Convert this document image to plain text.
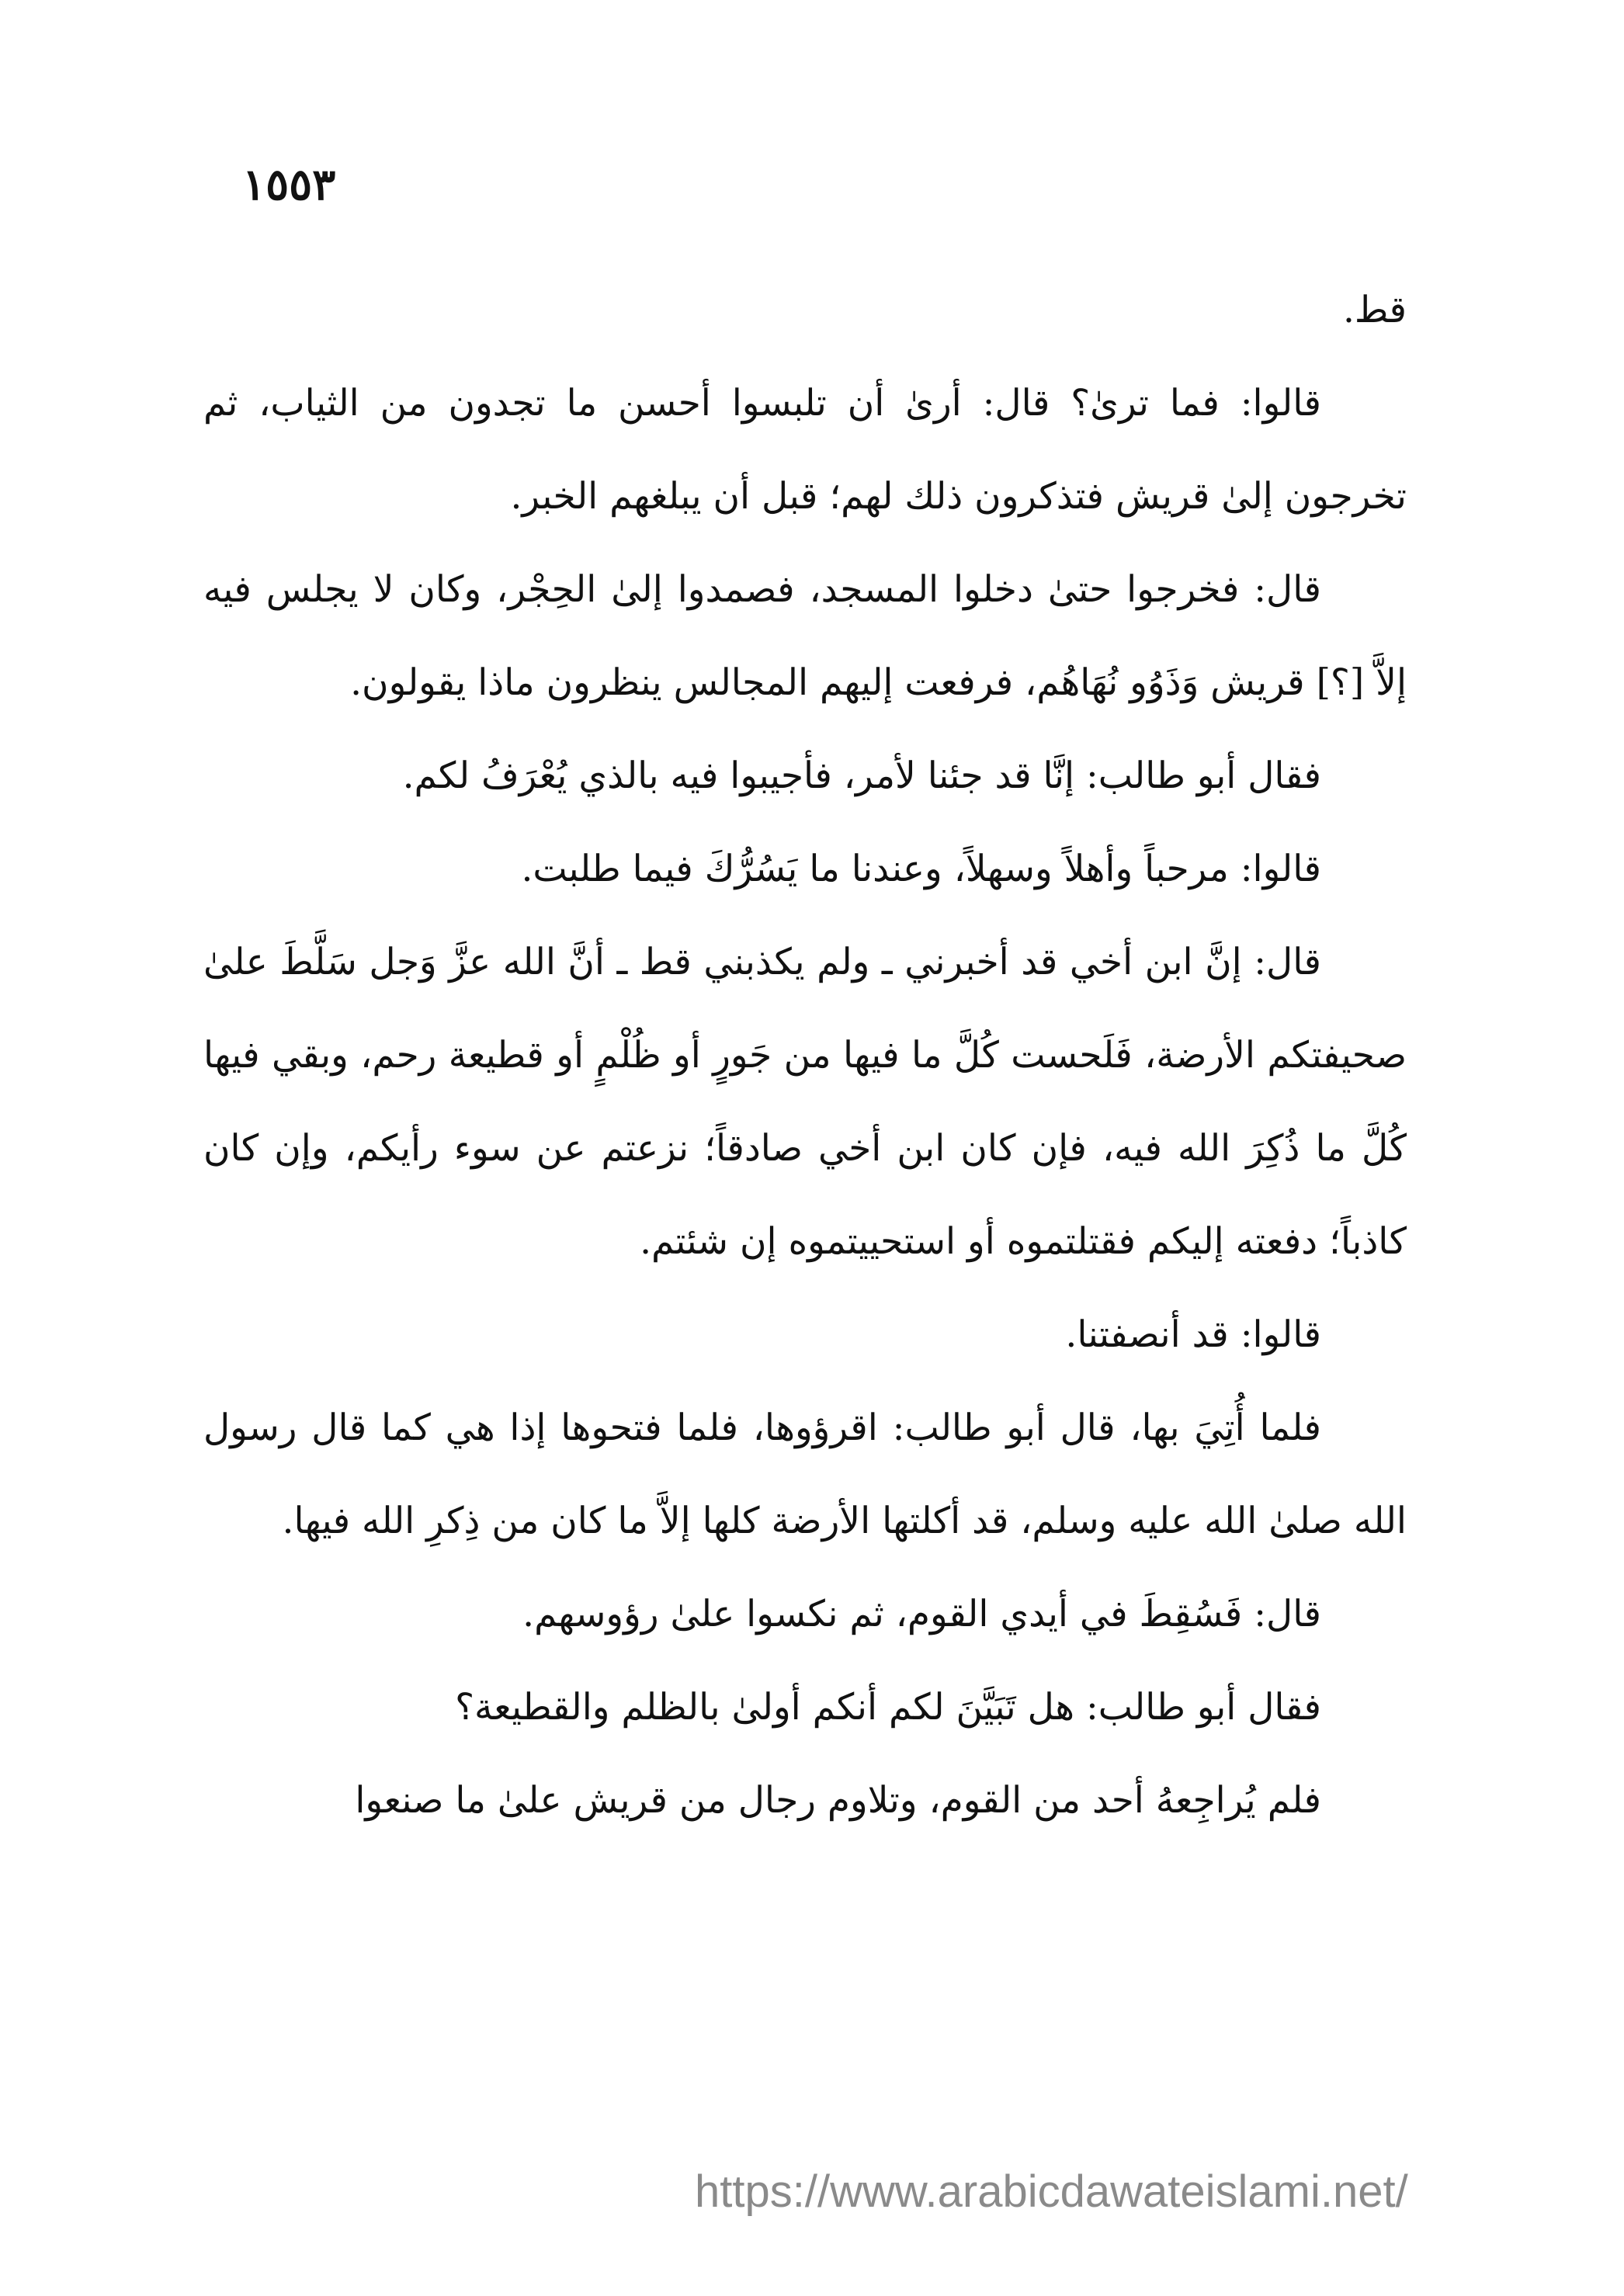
١٥٥٣

قط.

قالوا: فما ترىٰ؟ قال: أرىٰ أن تلبسوا أحسن ما تجدون من الثياب، ثم تخرجون إلىٰ قريش فتذكرون ذلك لهم؛ قبل أن يبلغهم الخبر.

قال: فخرجوا حتىٰ دخلوا المسجد، فصمدوا إلىٰ الحِجْر، وكان لا يجلس فيه إلاَّ [؟] قريش وَذَوُو نُهَاهُم، فرفعت إليهم المجالس ينظرون ماذا يقولون.

فقال أبو طالب: إنَّا قد جئنا لأمر، فأجيبوا فيه بالذي يُعْرَفُ لكم.

قالوا: مرحباً وأهلاً وسهلاً، وعندنا ما يَسُرُّكَ فيما طلبت.

قال: إنَّ ابن أخي قد أخبرني ـ ولم يكذبني قط ـ أنَّ الله عزَّ وَجل سَلَّطَ علىٰ صحيفتكم الأرضة، فَلَحست كُلَّ ما فيها من جَورٍ أو ظُلْمٍ أو قطيعة رحم، وبقي فيها كُلَّ ما ذُكِرَ الله فيه، فإن كان ابن أخي صادقاً؛ نزعتم عن سوء رأيكم، وإن كان كاذباً؛ دفعته إليكم فقتلتموه أو استحييتموه إن شئتم.

قالوا: قد أنصفتنا.

فلما أُتِيَ بها، قال أبو طالب: اقرؤوها، فلما فتحوها إذا هي كما قال رسول الله صلىٰ الله عليه وسلم، قد أكلتها الأرضة كلها إلاَّ ما كان من ذِكرِ الله فيها.

قال: فَسُقِطَ في أيدي القوم، ثم نكسوا علىٰ رؤوسهم.

فقال أبو طالب: هل تَبَيَّنَ لكم أنكم أولىٰ بالظلم والقطيعة؟

فلم يُراجِعهُ أحد من القوم، وتلاوم رجال من قريش علىٰ ما صنعوا

https://www.arabicdawateislami.net/
